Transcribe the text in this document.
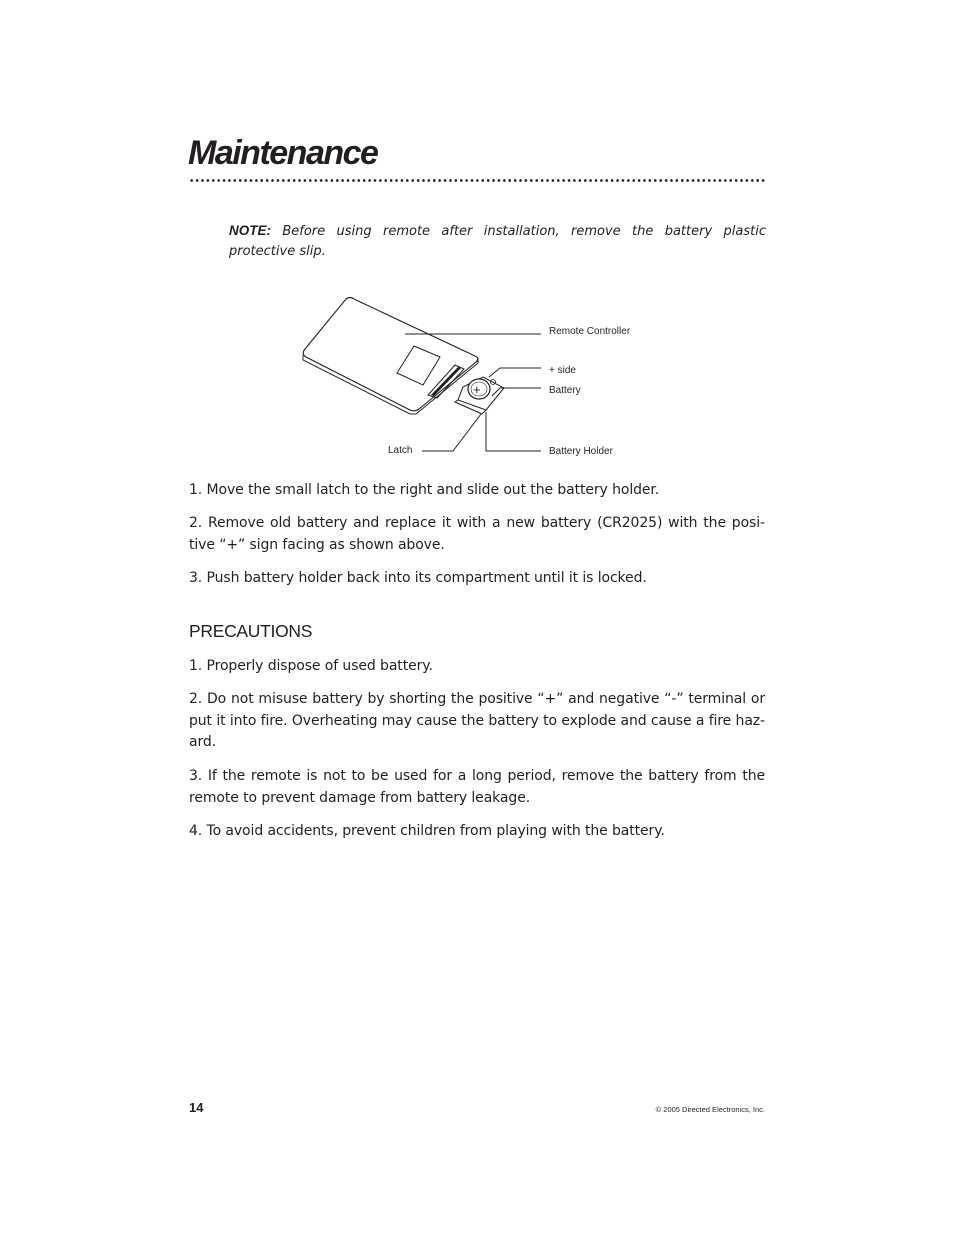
Maintenance

NOTE: Before using remote after installation, remove the battery plastic protective slip.

+
Remote Controller
+ side
Battery
Latch	Battery Holder

1. Move the small latch to the right and slide out the battery holder.

2. Remove old battery and replace it with a new battery (CR2025) with the posi-tive “+” sign facing as shown above.

3. Push battery holder back into its compartment until it is locked.

PRECAUTIONS

1. Properly dispose of used battery.

2. Do not misuse battery by shorting the positive “+” and negative “-” terminal or put it into fire. Overheating may cause the battery to explode and cause a fire haz-ard.

3. If the remote is not to be used for a long period, remove the battery from the remote to prevent damage from battery leakage.

4. To avoid accidents, prevent children from playing with the battery.

14	© 2005 Directed Electronics, Inc.
